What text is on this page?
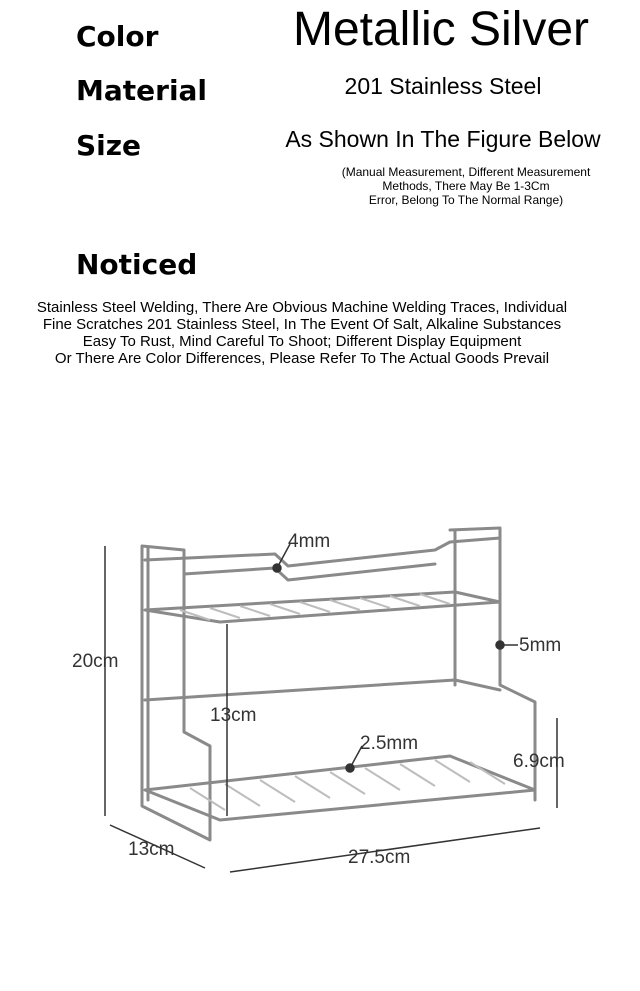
Color	Metallic Silver
Material	201 Stainless Steel
Size	As Shown In The Figure Below
(Manual Measurement, Different Measurement
Methods, There May Be 1-3Cm
Error, Belong To The Normal Range)
Noticed
Stainless Steel Welding, There Are Obvious Machine Welding Traces, Individual
Fine Scratches 201 Stainless Steel, In The Event Of Salt, Alkaline Substances
Easy To Rust, Mind Careful To Shoot; Different Display Equipment
Or There Are Color Differences, Please Refer To The Actual Goods Prevail
4mm
5mm
20cm
13cm
2.5mm
6.9cm
13cm	27.5cm
